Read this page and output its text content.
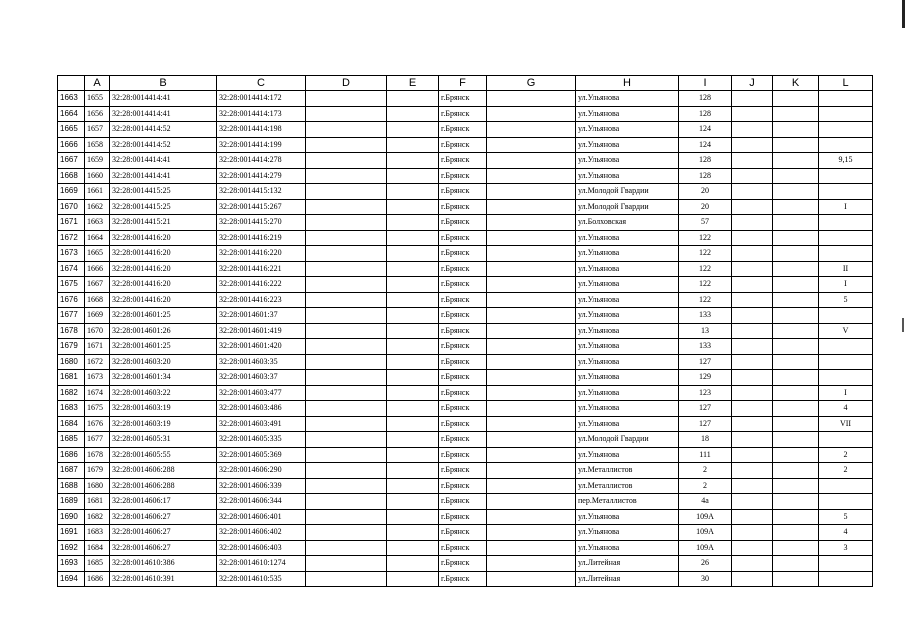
	A	B	C	D	E	F	G	H	I	J	K	L
1663	1655	32:28:0014414:41	32:28:0014414:172			г.Брянск		ул.Ульянова	128			
1664	1656	32:28:0014414:41	32:28:0014414:173			г.Брянск		ул.Ульянова	128			
1665	1657	32:28:0014414:52	32:28:0014414:198			г.Брянск		ул.Ульянова	124			
1666	1658	32:28:0014414:52	32:28:0014414:199			г.Брянск		ул.Ульянова	124			
1667	1659	32:28:0014414:41	32:28:0014414:278			г.Брянск		ул.Ульянова	128			9,15
1668	1660	32:28:0014414:41	32:28:0014414:279			г.Брянск		ул.Ульянова	128			
1669	1661	32:28:0014415:25	32:28:0014415:132			г.Брянск		ул.Молодой Гвардии	20			
1670	1662	32:28:0014415:25	32:28:0014415:267			г.Брянск		ул.Молодой Гвардии	20			I
1671	1663	32:28:0014415:21	32:28:0014415:270			г.Брянск		ул.Болховская	57			
1672	1664	32:28:0014416:20	32:28:0014416:219			г.Брянск		ул.Ульянова	122			
1673	1665	32:28:0014416:20	32:28:0014416:220			г.Брянск		ул.Ульянова	122			
1674	1666	32:28:0014416:20	32:28:0014416:221			г.Брянск		ул.Ульянова	122			II
1675	1667	32:28:0014416:20	32:28:0014416:222			г.Брянск		ул.Ульянова	122			I
1676	1668	32:28:0014416:20	32:28:0014416:223			г.Брянск		ул.Ульянова	122			5
1677	1669	32:28:0014601:25	32:28:0014601:37			г.Брянск		ул.Ульянова	133			
1678	1670	32:28:0014601:26	32:28:0014601:419			г.Брянск		ул.Ульянова	13			V
1679	1671	32:28:0014601:25	32:28:0014601:420			г.Брянск		ул.Ульянова	133			
1680	1672	32:28:0014603:20	32:28:0014603:35			г.Брянск		ул.Ульянова	127			
1681	1673	32:28:0014601:34	32:28:0014603:37			г.Брянск		ул.Ульянова	129			
1682	1674	32:28:0014603:22	32:28:0014603:477			г.Брянск		ул.Ульянова	123			I
1683	1675	32:28:0014603:19	32:28:0014603:486			г.Брянск		ул.Ульянова	127			4
1684	1676	32:28:0014603:19	32:28:0014603:491			г.Брянск		ул.Ульянова	127			VII
1685	1677	32:28:0014605:31	32:28:0014605:335			г.Брянск		ул.Молодой Гвардии	18			
1686	1678	32:28:0014605:55	32:28:0014605:369			г.Брянск		ул.Ульянова	111			2
1687	1679	32:28:0014606:288	32:28:0014606:290			г.Брянск		ул.Металлистов	2			2
1688	1680	32:28:0014606:288	32:28:0014606:339			г.Брянск		ул.Металлистов	2			
1689	1681	32:28:0014606:17	32:28:0014606:344			г.Брянск		пер.Металлистов	4а			
1690	1682	32:28:0014606:27	32:28:0014606:401			г.Брянск		ул.Ульянова	109А			5
1691	1683	32:28:0014606:27	32:28:0014606:402			г.Брянск		ул.Ульянова	109А			4
1692	1684	32:28:0014606:27	32:28:0014606:403			г.Брянск		ул.Ульянова	109А			3
1693	1685	32:28:0014610:386	32:28:0014610:1274			г.Брянск		ул.Литейная	26			
1694	1686	32:28:0014610:391	32:28:0014610:535			г.Брянск		ул.Литейная	30			
